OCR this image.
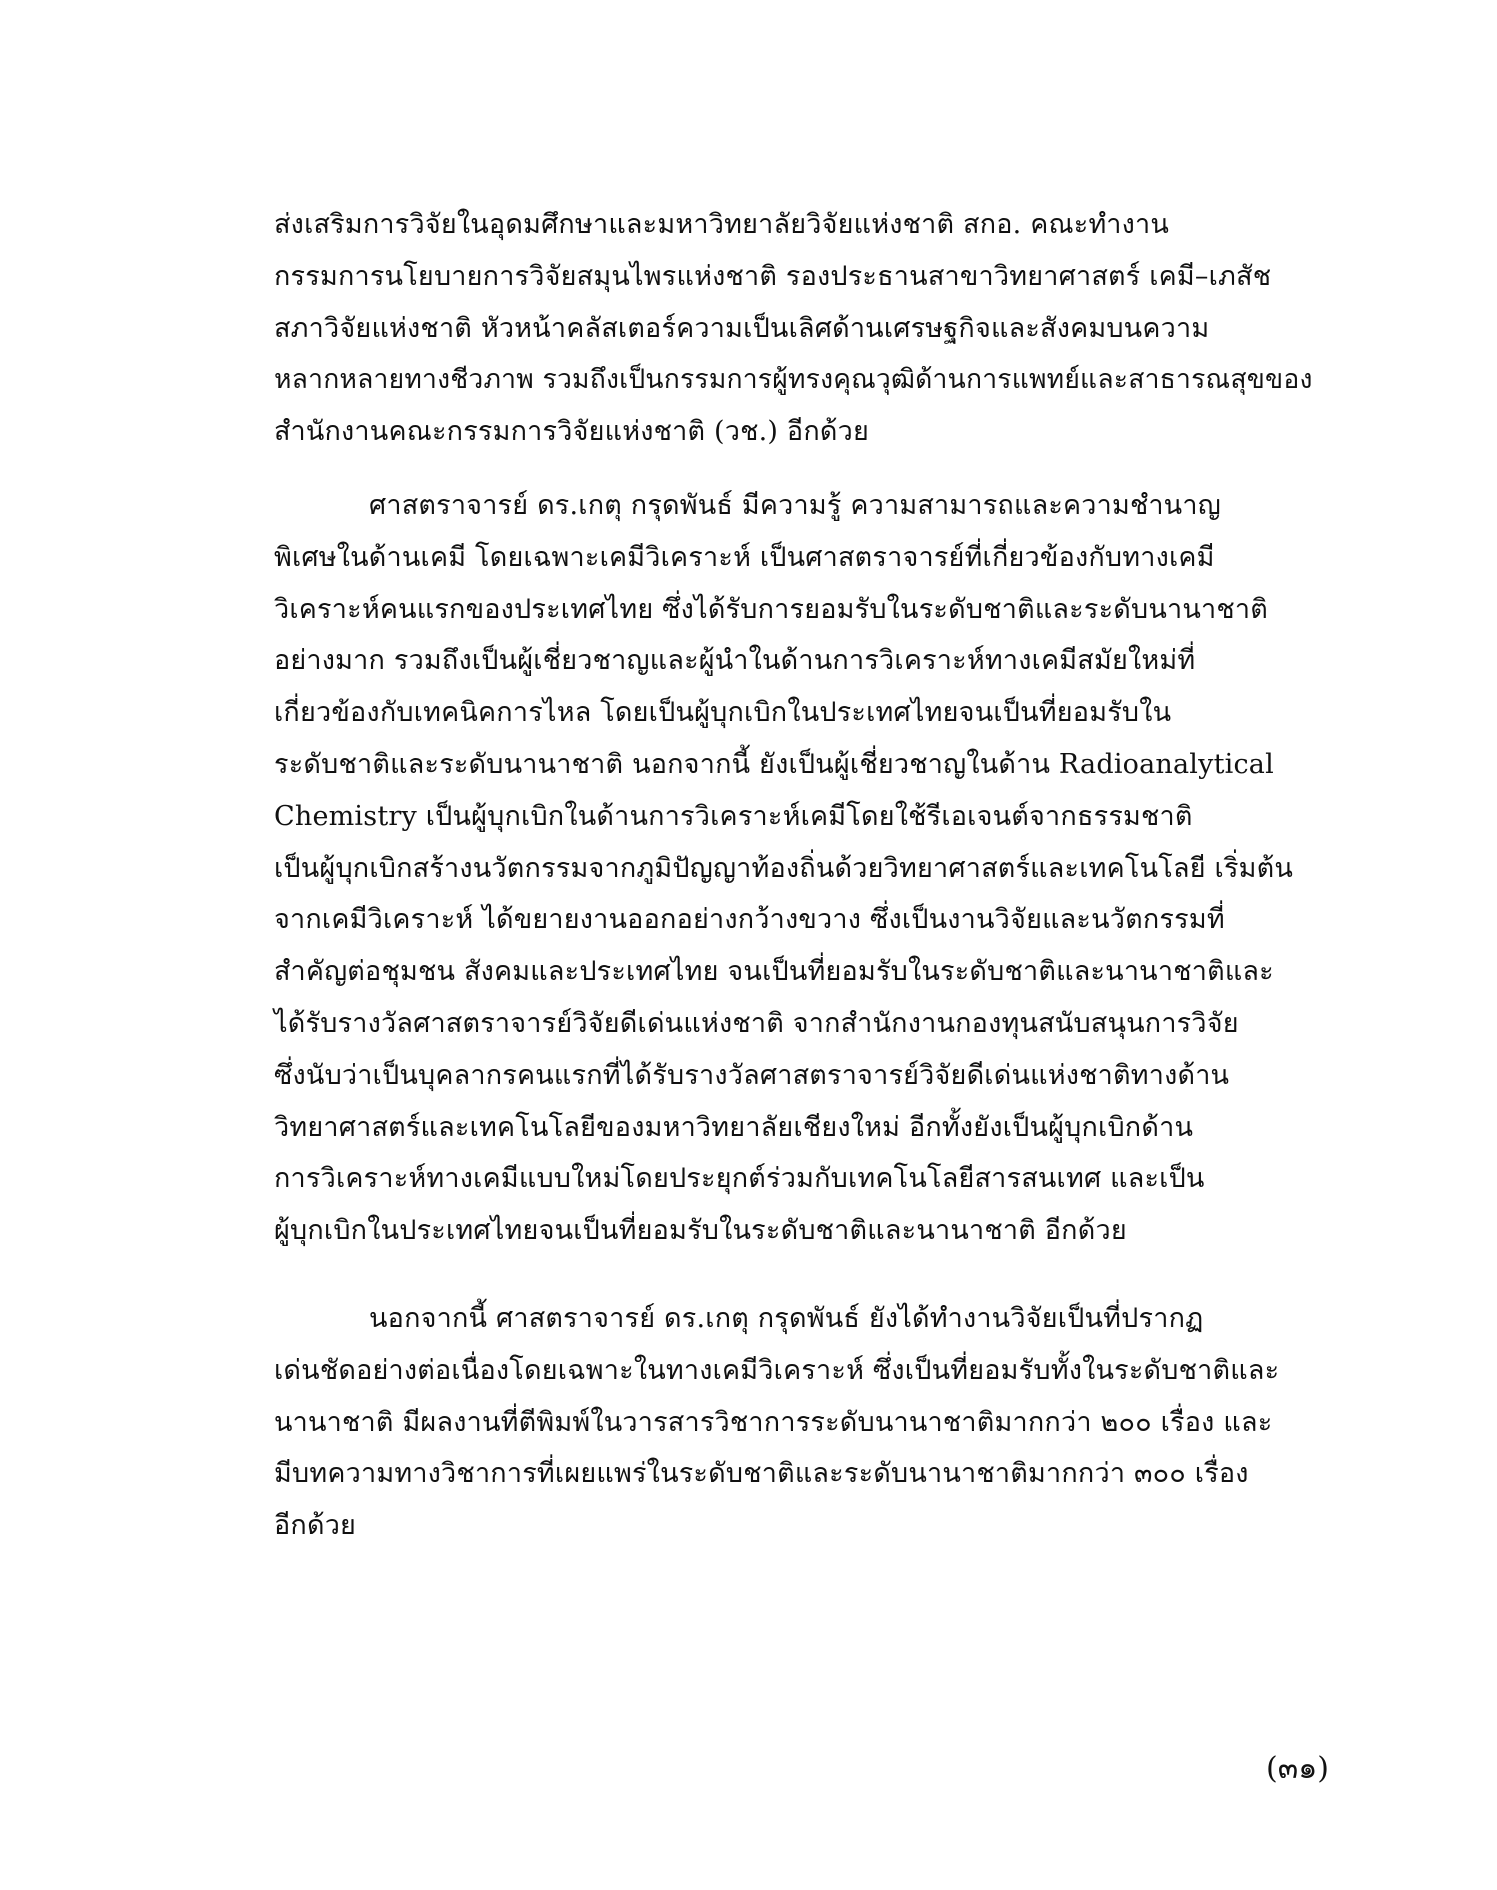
ส่งเสริมการวิจัยในอุดมศึกษาและมหาวิทยาลัยวิจัยแห่งชาติ สกอ. คณะทำงาน
กรรมการนโยบายการวิจัยสมุนไพรแห่งชาติ รองประธานสาขาวิทยาศาสตร์ เคมี–เภสัช
สภาวิจัยแห่งชาติ หัวหน้าคลัสเตอร์ความเป็นเลิศด้านเศรษฐกิจและสังคมบนความ
หลากหลายทางชีวภาพ รวมถึงเป็นกรรมการผู้ทรงคุณวุฒิด้านการแพทย์และสาธารณสุขของ
สำนักงานคณะกรรมการวิจัยแห่งชาติ (วช.) อีกด้วย
ศาสตราจารย์ ดร.เกตุ กรุดพันธ์ มีความรู้ ความสามารถและความชำนาญ
พิเศษในด้านเคมี โดยเฉพาะเคมีวิเคราะห์ เป็นศาสตราจารย์ที่เกี่ยวข้องกับทางเคมี
วิเคราะห์คนแรกของประเทศไทย ซึ่งได้รับการยอมรับในระดับชาติและระดับนานาชาติ
อย่างมาก รวมถึงเป็นผู้เชี่ยวชาญและผู้นำในด้านการวิเคราะห์ทางเคมีสมัยใหม่ที่
เกี่ยวข้องกับเทคนิคการไหล โดยเป็นผู้บุกเบิกในประเทศไทยจนเป็นที่ยอมรับใน
ระดับชาติและระดับนานาชาติ นอกจากนี้ ยังเป็นผู้เชี่ยวชาญในด้าน Radioanalytical
Chemistry เป็นผู้บุกเบิกในด้านการวิเคราะห์เคมีโดยใช้รีเอเจนต์จากธรรมชาติ
เป็นผู้บุกเบิกสร้างนวัตกรรมจากภูมิปัญญาท้องถิ่นด้วยวิทยาศาสตร์และเทคโนโลยี เริ่มต้น
จากเคมีวิเคราะห์ ได้ขยายงานออกอย่างกว้างขวาง ซึ่งเป็นงานวิจัยและนวัตกรรมที่
สำคัญต่อชุมชน สังคมและประเทศไทย จนเป็นที่ยอมรับในระดับชาติและนานาชาติและ
ได้รับรางวัลศาสตราจารย์วิจัยดีเด่นแห่งชาติ จากสำนักงานกองทุนสนับสนุนการวิจัย
ซึ่งนับว่าเป็นบุคลากรคนแรกที่ได้รับรางวัลศาสตราจารย์วิจัยดีเด่นแห่งชาติทางด้าน
วิทยาศาสตร์และเทคโนโลยีของมหาวิทยาลัยเชียงใหม่ อีกทั้งยังเป็นผู้บุกเบิกด้าน
การวิเคราะห์ทางเคมีแบบใหม่โดยประยุกต์ร่วมกับเทคโนโลยีสารสนเทศ และเป็น
ผู้บุกเบิกในประเทศไทยจนเป็นที่ยอมรับในระดับชาติและนานาชาติ อีกด้วย
นอกจากนี้ ศาสตราจารย์ ดร.เกตุ กรุดพันธ์ ยังได้ทำงานวิจัยเป็นที่ปรากฏ
เด่นชัดอย่างต่อเนื่องโดยเฉพาะในทางเคมีวิเคราะห์ ซึ่งเป็นที่ยอมรับทั้งในระดับชาติและ
นานาชาติ มีผลงานที่ตีพิมพ์ในวารสารวิชาการระดับนานาชาติมากกว่า ๒๐๐ เรื่อง และ
มีบทความทางวิชาการที่เผยแพร่ในระดับชาติและระดับนานาชาติมากกว่า ๓๐๐ เรื่อง
อีกด้วย
(๓๑)
